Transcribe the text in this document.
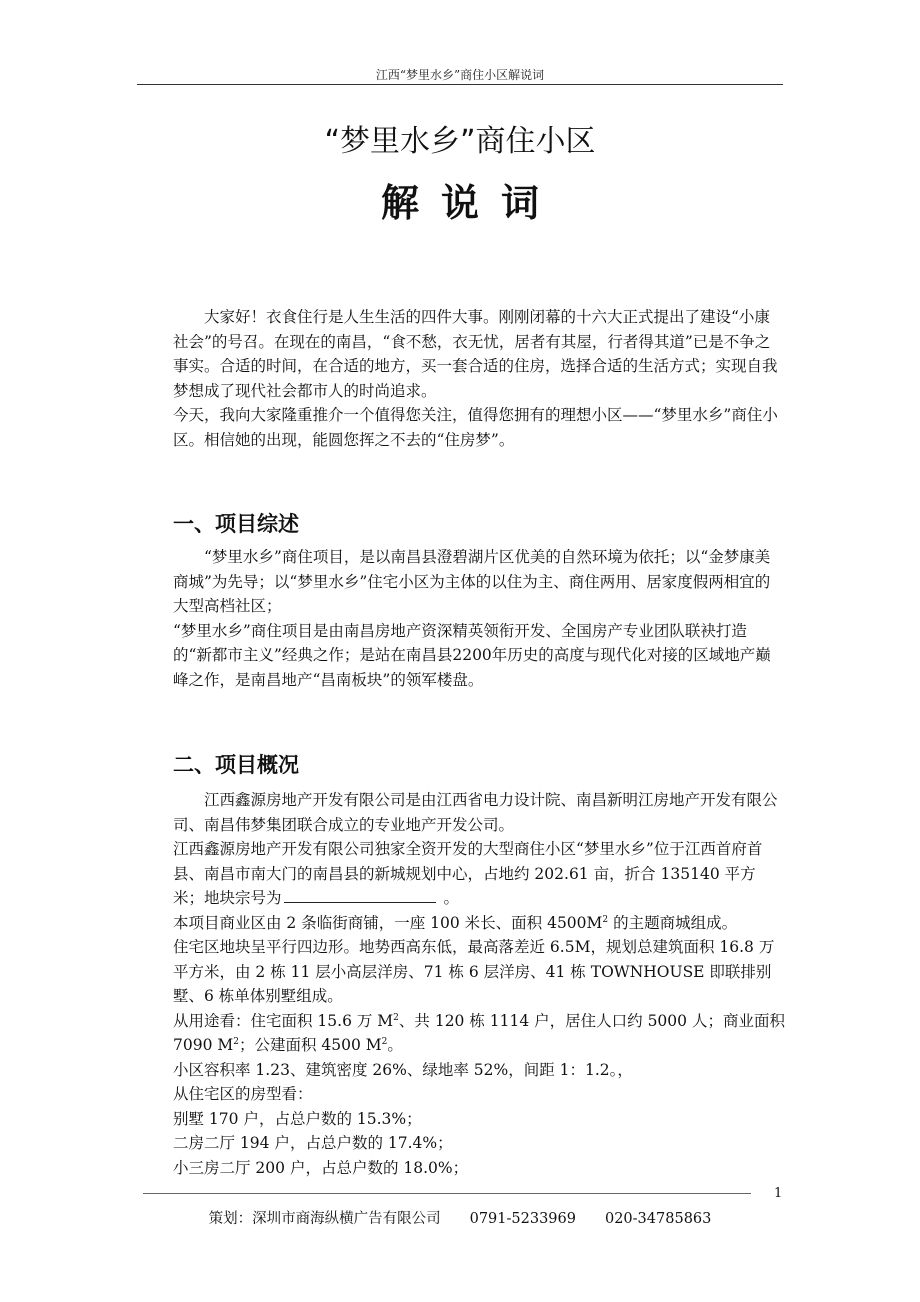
江西“梦里水乡”商住小区解说词
“梦里水乡”商住小区
解说词

大家好！衣食住行是人生生活的四件大事。刚刚闭幕的十六大正式提出了建设“小康社会”的号召。在现在的南昌，“食不愁，衣无忧，居者有其屋，行者得其道”已是不争之事实。合适的时间，在合适的地方，买一套合适的住房，选择合适的生活方式；实现自我梦想成了现代社会都市人的时尚追求。

今天，我向大家隆重推介一个值得您关注，值得您拥有的理想小区——“梦里水乡”商住小区。相信她的出现，能圆您挥之不去的“住房梦”。

一、项目综述

“梦里水乡”商住项目，是以南昌县澄碧湖片区优美的自然环境为依托；以“金梦康美商城”为先导；以“梦里水乡”住宅小区为主体的以住为主、商住两用、居家度假两相宜的大型高档社区；

“梦里水乡”商住项目是由南昌房地产资深精英领衔开发、全国房产专业团队联袂打造的“新都市主义”经典之作；是站在南昌县2200年历史的高度与现代化对接的区域地产巅峰之作，是南昌地产“昌南板块”的领军楼盘。

二、项目概况

江西鑫源房地产开发有限公司是由江西省电力设计院、南昌新明江房地产开发有限公司、南昌伟梦集团联合成立的专业地产开发公司。

江西鑫源房地产开发有限公司独家全资开发的大型商住小区“梦里水乡”位于江西首府首县、南昌市南大门的南昌县的新城规划中心，占地约 202.61 亩，折合 135140 平方米；地块宗号为	。

本项目商业区由 2 条临街商铺，一座 100 米长、面积 $4500M^2$ 的主题商城组成。

住宅区地块呈平行四边形。地势西高东低，最高落差近 6.5M，规划总建筑面积 16.8 万平方米，由 2 栋 11 层小高层洋房、71 栋 6 层洋房、41 栋 TOWNHOUSE 即联排别墅、6 栋单体别墅组成。

从用途看：住宅面积 15.6 万 $M^2$、共 120 栋 1114 户，居住人口约 5000 人；商业面积 7090 $M^2$；公建面积 4500 $M^2$。

小区容积率 1.23、建筑密度 26%、绿地率 52%，间距 1：1.2。，

从住宅区的房型看：

别墅 170 户，占总户数的 15.3%；

二房二厅 194 户，占总户数的 17.4%；

小三房二厅 200 户，占总户数的 18.0%；

1
策划：深圳市商海纵横广告有限公司　　0791-5233969　　020-34785863
